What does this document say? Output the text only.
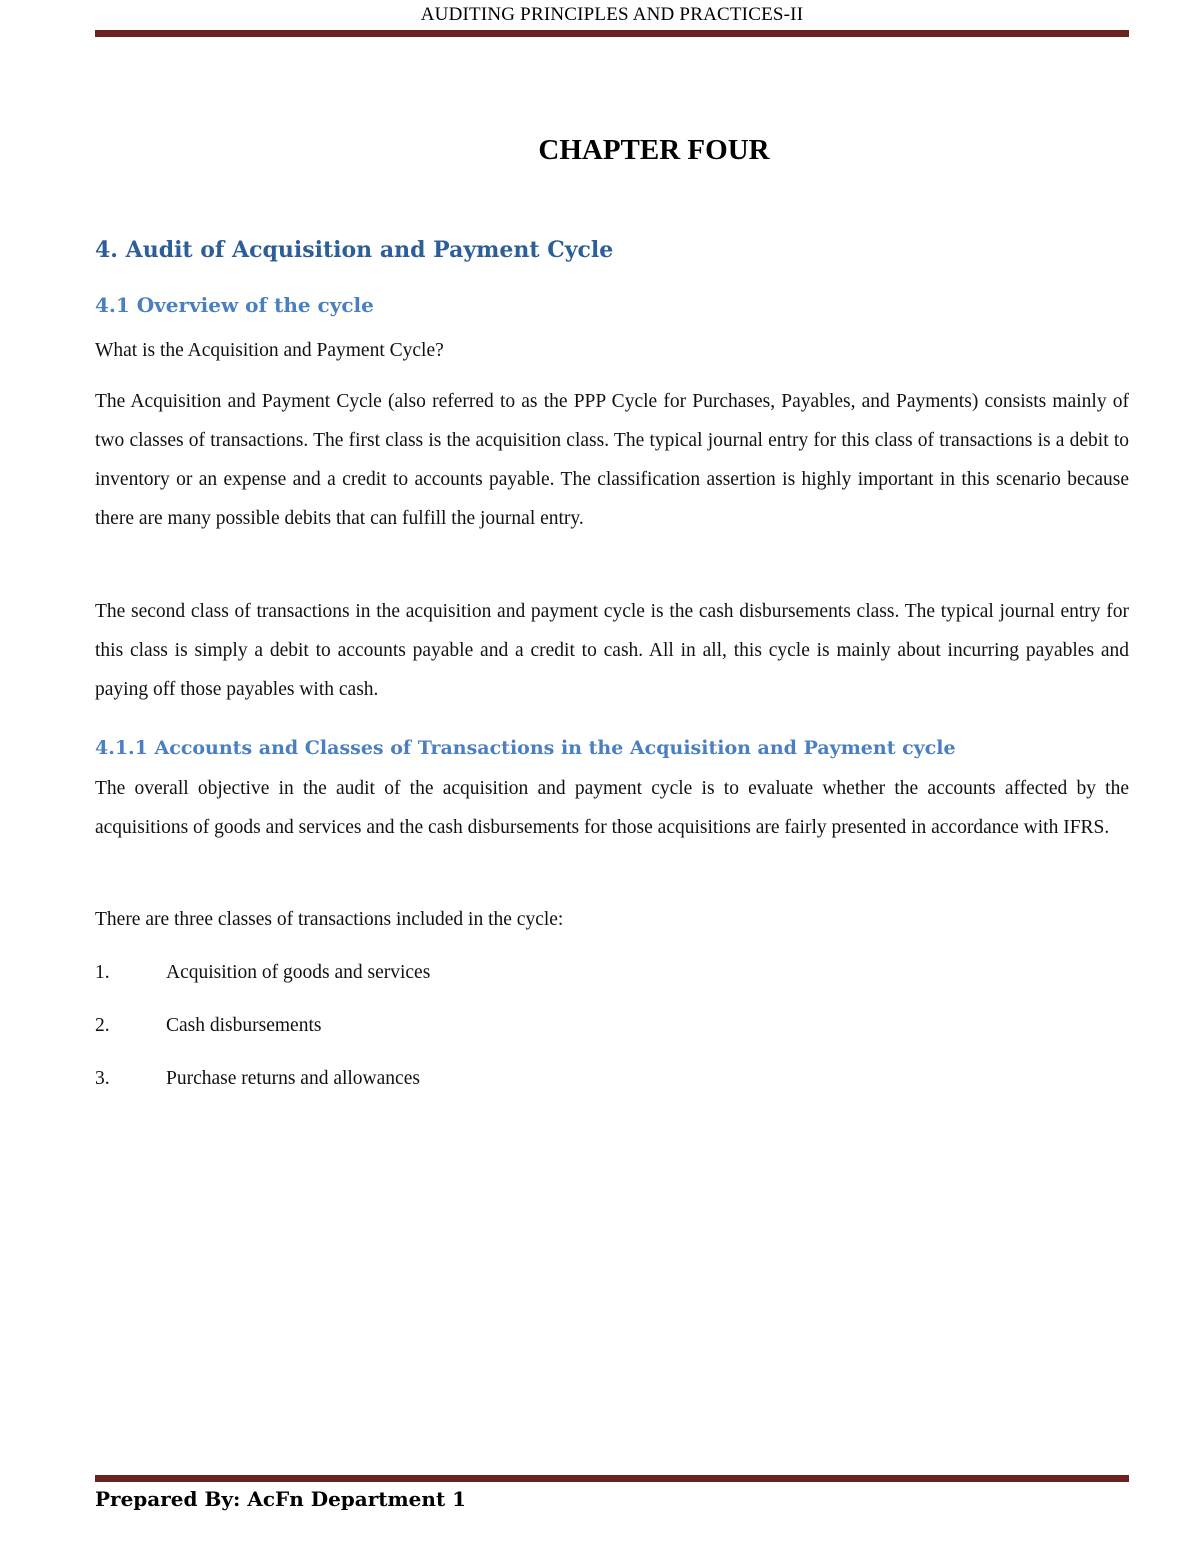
AUDITING PRINCIPLES AND PRACTICES-II
CHAPTER FOUR
4. Audit of Acquisition and Payment Cycle
4.1 Overview of the cycle

What is the Acquisition and Payment Cycle?

The Acquisition and Payment Cycle (also referred to as the PPP Cycle for Purchases, Payables, and Payments) consists mainly of two classes of transactions. The first class is the acquisition class. The typical journal entry for this class of transactions is a debit to inventory or an expense and a credit to accounts payable. The classification assertion is highly important in this scenario because there are many possible debits that can fulfill the journal entry.

The second class of transactions in the acquisition and payment cycle is the cash disbursements class. The typical journal entry for this class is simply a debit to accounts payable and a credit to cash. All in all, this cycle is mainly about incurring payables and paying off those payables with cash.

4.1.1 Accounts and Classes of Transactions in the Acquisition and Payment cycle

The overall objective in the audit of the acquisition and payment cycle is to evaluate whether the accounts affected by the acquisitions of goods and services and the cash disbursements for those acquisitions are fairly presented in accordance with IFRS.

There are three classes of transactions included in the cycle:

1.	Acquisition of goods and services
2.	Cash disbursements
3.	Purchase returns and allowances
Prepared By: AcFn Department 1
